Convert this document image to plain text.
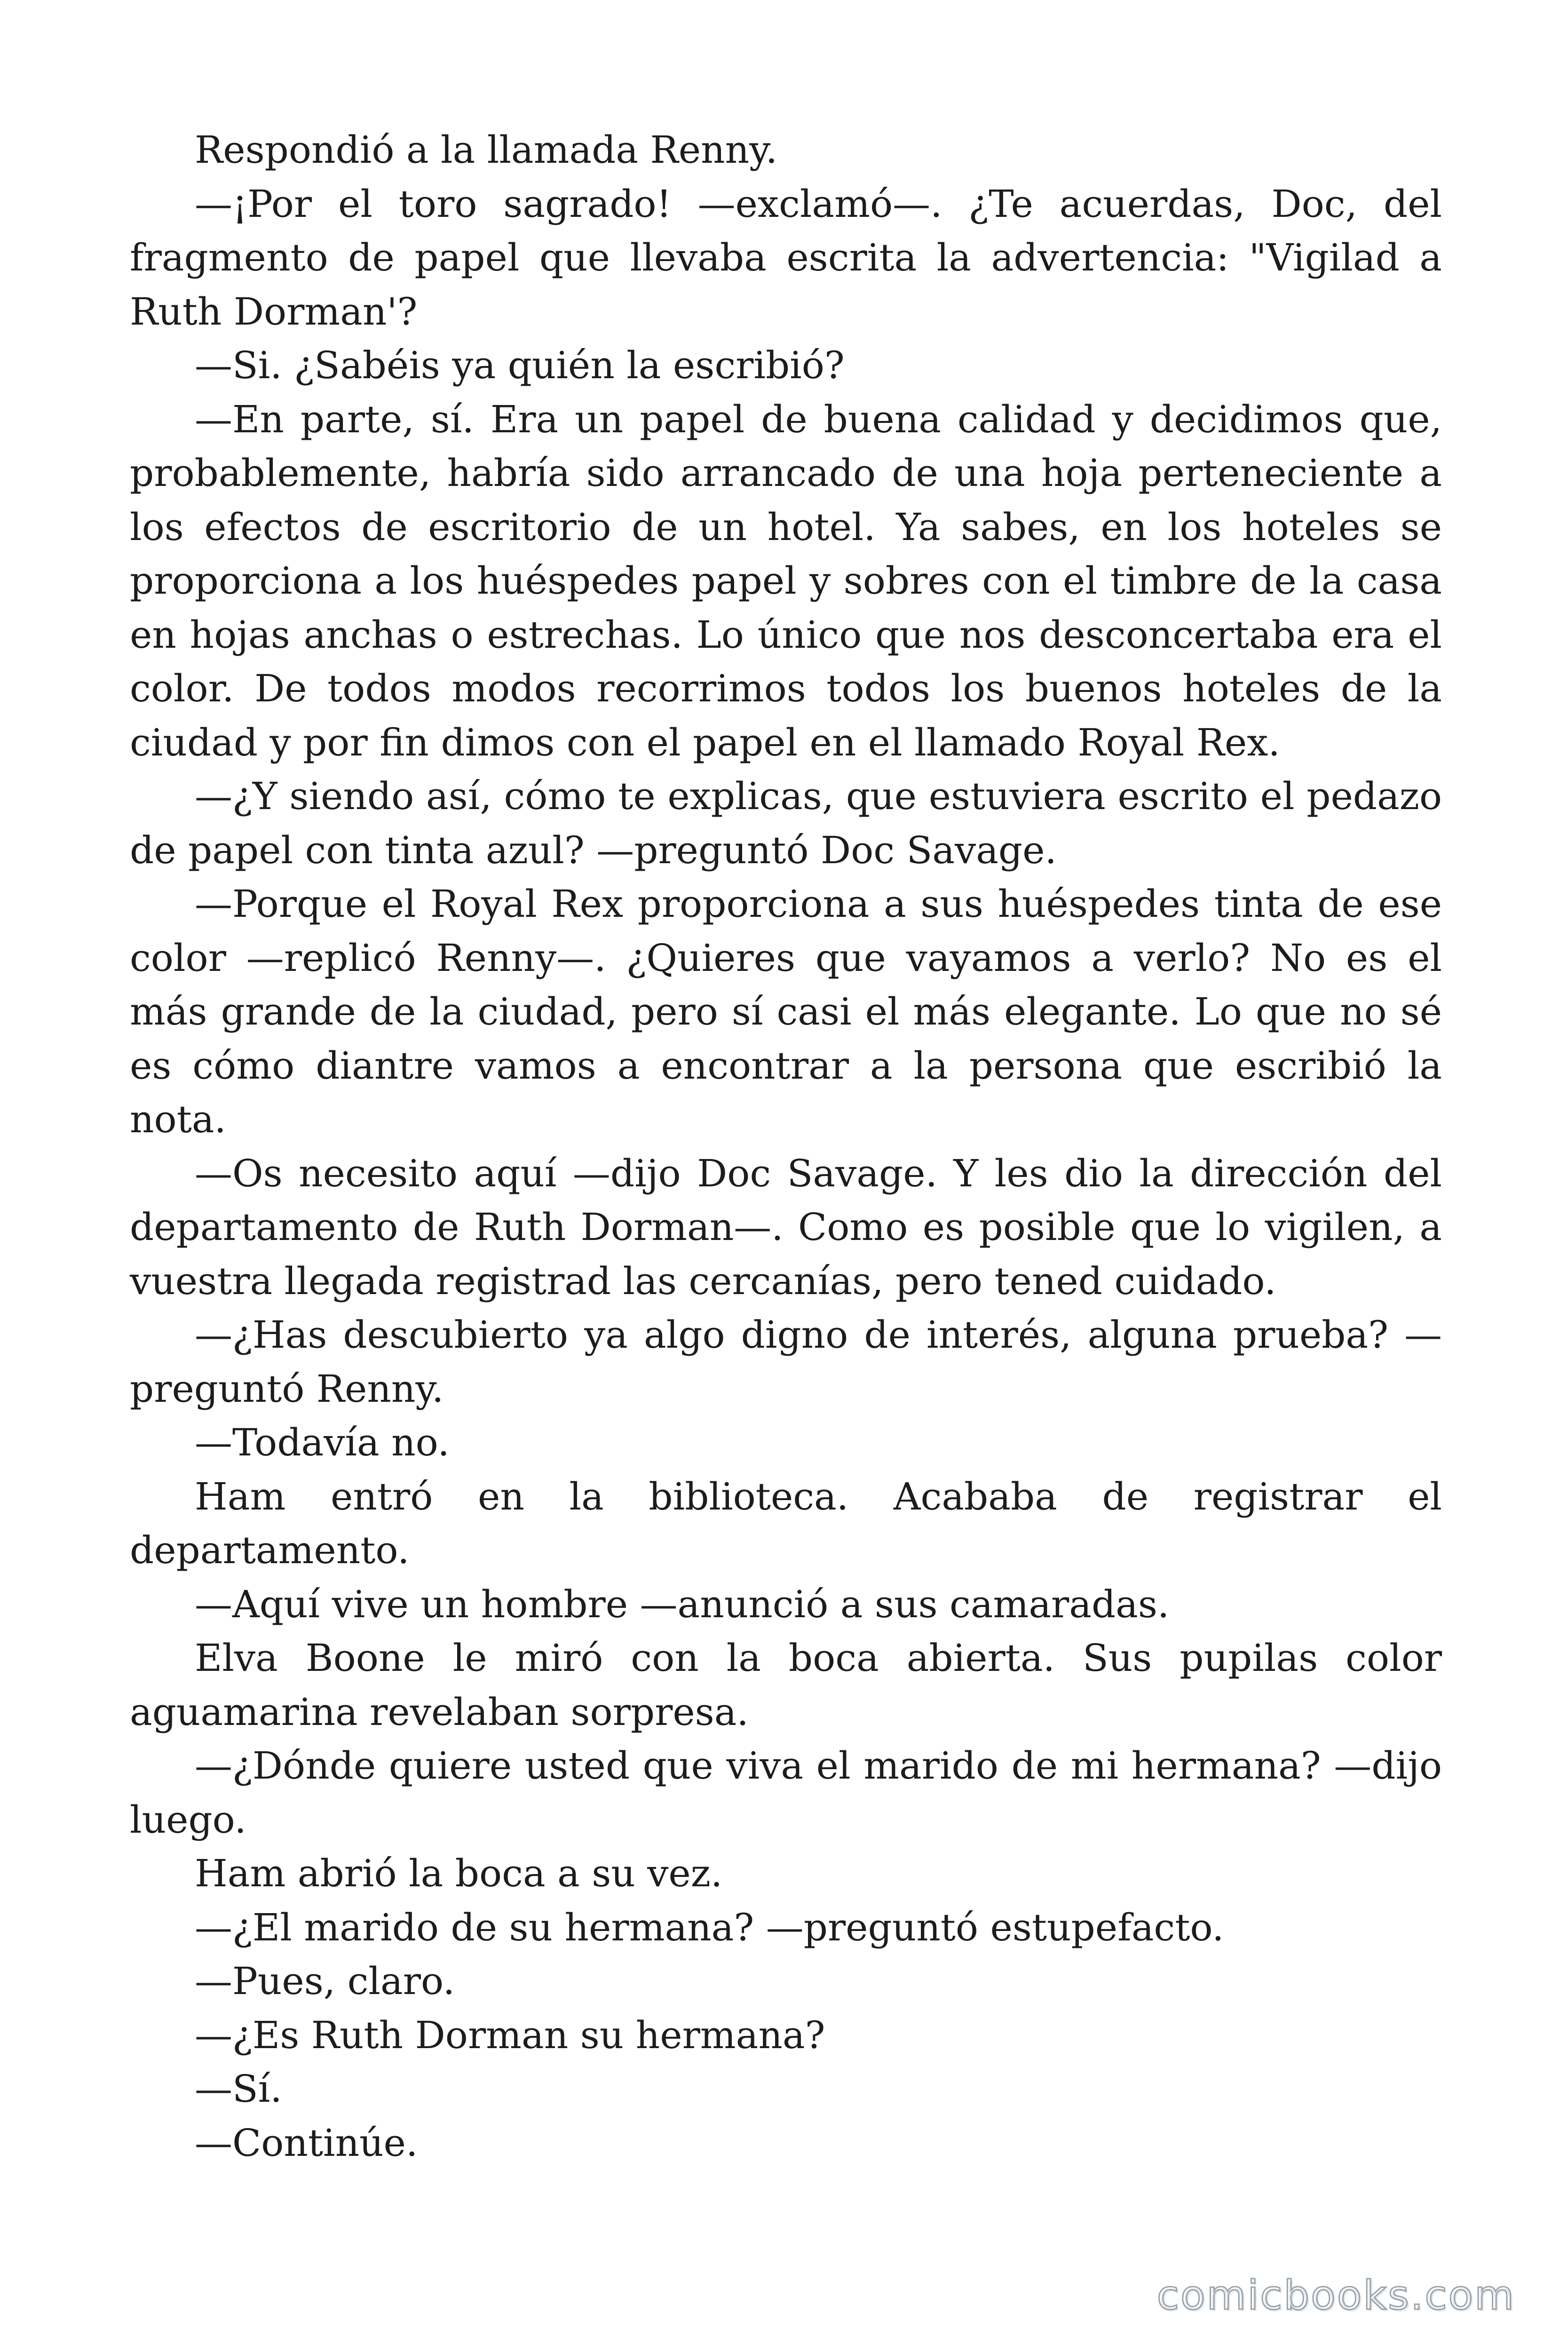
Respondió a la llamada Renny.

—¡Por el toro sagrado! —exclamó—. ¿Te acuerdas, Doc, del fragmento de papel que llevaba escrita la advertencia: "Vigilad a Ruth Dorman'?

—Si. ¿Sabéis ya quién la escribió?

—En parte, sí. Era un papel de buena calidad y decidimos que, probablemente, habría sido arrancado de una hoja perteneciente a los efectos de escritorio de un hotel. Ya sabes, en los hoteles se proporciona a los huéspedes papel y sobres con el timbre de la casa en hojas anchas o estrechas. Lo único que nos desconcertaba era el color. De todos modos recorrimos todos los buenos hoteles de la ciudad y por fin dimos con el papel en el llamado Royal Rex.

—¿Y siendo así, cómo te explicas, que estuviera escrito el pedazo de papel con tinta azul? —preguntó Doc Savage.

—Porque el Royal Rex proporciona a sus huéspedes tinta de ese color —replicó Renny—. ¿Quieres que vayamos a verlo? No es el más grande de la ciudad, pero sí casi el más elegante. Lo que no sé es cómo diantre vamos a encontrar a la persona que escribió la nota.

—Os necesito aquí —dijo Doc Savage. Y les dio la dirección del departamento de Ruth Dorman—. Como es posible que lo vigilen, a vuestra llegada registrad las cercanías, pero tened cuidado.

—¿Has descubierto ya algo digno de interés, alguna prueba? —preguntó Renny.

—Todavía no.

Ham entró en la biblioteca. Acababa de registrar el departamento.

—Aquí vive un hombre —anunció a sus camaradas.

Elva Boone le miró con la boca abierta. Sus pupilas color aguamarina revelaban sorpresa.

—¿Dónde quiere usted que viva el marido de mi hermana? —dijo luego.

Ham abrió la boca a su vez.

—¿El marido de su hermana? —preguntó estupefacto.

—Pues, claro.

—¿Es Ruth Dorman su hermana?

—Sí.

—Continúe.

comicbooks.com
